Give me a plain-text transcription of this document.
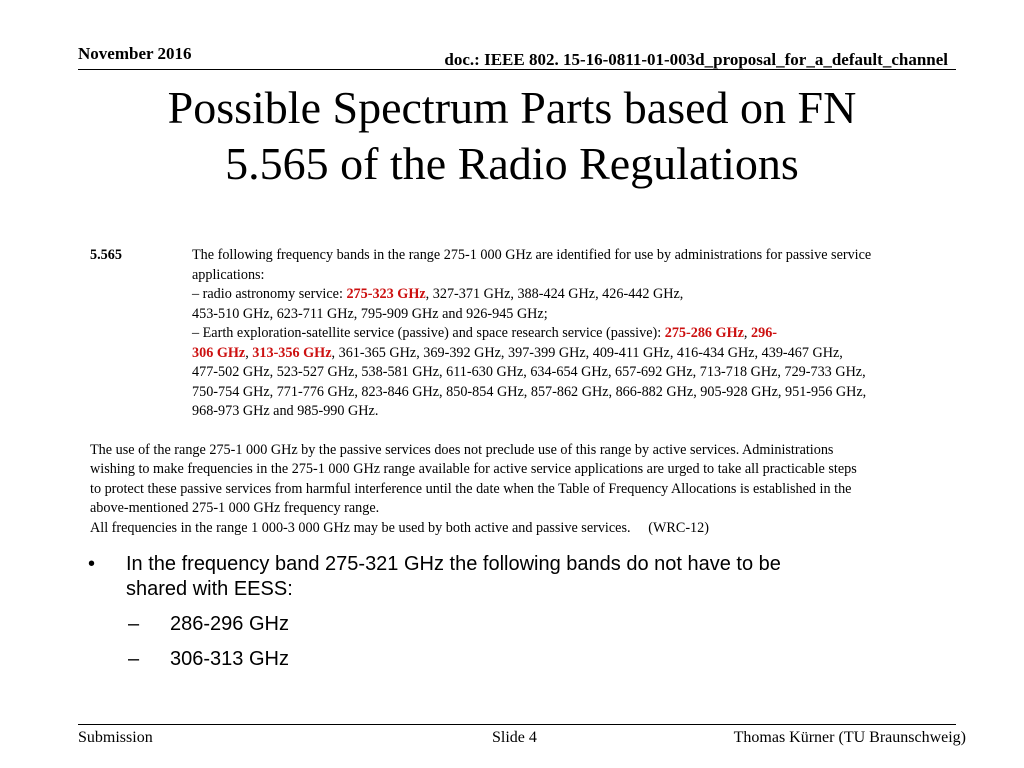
November 2016	doc.: IEEE 802. 15-16-0811-01-003d_proposal_for_a_default_channel
Possible Spectrum Parts based on FN
5.565 of the Radio Regulations
5.565	The following frequency bands in the range 275-1 000 GHz are identified for use by administrations for passive service
applications:
– radio astronomy service: 275-323 GHz, 327-371 GHz, 388-424 GHz, 426-442 GHz,
453-510 GHz, 623-711 GHz, 795-909 GHz and 926-945 GHz;
– Earth exploration-satellite service (passive) and space research service (passive): 275-286 GHz, 296-
306 GHz, 313-356 GHz, 361-365 GHz, 369-392 GHz, 397-399 GHz, 409-411 GHz, 416-434 GHz, 439-467 GHz,
477-502 GHz, 523-527 GHz, 538-581 GHz, 611-630 GHz, 634-654 GHz, 657-692 GHz, 713-718 GHz, 729-733 GHz,
750-754 GHz, 771-776 GHz, 823-846 GHz, 850-854 GHz, 857-862 GHz, 866-882 GHz, 905-928 GHz, 951-956 GHz,
968-973 GHz and 985-990 GHz.
The use of the range 275-1 000 GHz by the passive services does not preclude use of this range by active services. Administrations
wishing to make frequencies in the 275-1 000 GHz range available for active service applications are urged to take all practicable steps
to protect these passive services from harmful interference until the date when the Table of Frequency Allocations is established in the
above-mentioned 275-1 000 GHz frequency range.
All frequencies in the range 1 000-3 000 GHz may be used by both active and passive services.     (WRC-12)
• In the frequency band 275-321 GHz the following bands do not have to be
shared with EESS:
– 286-296 GHz
– 306-313 GHz
Submission	Slide 4	Thomas Kürner (TU Braunschweig)
